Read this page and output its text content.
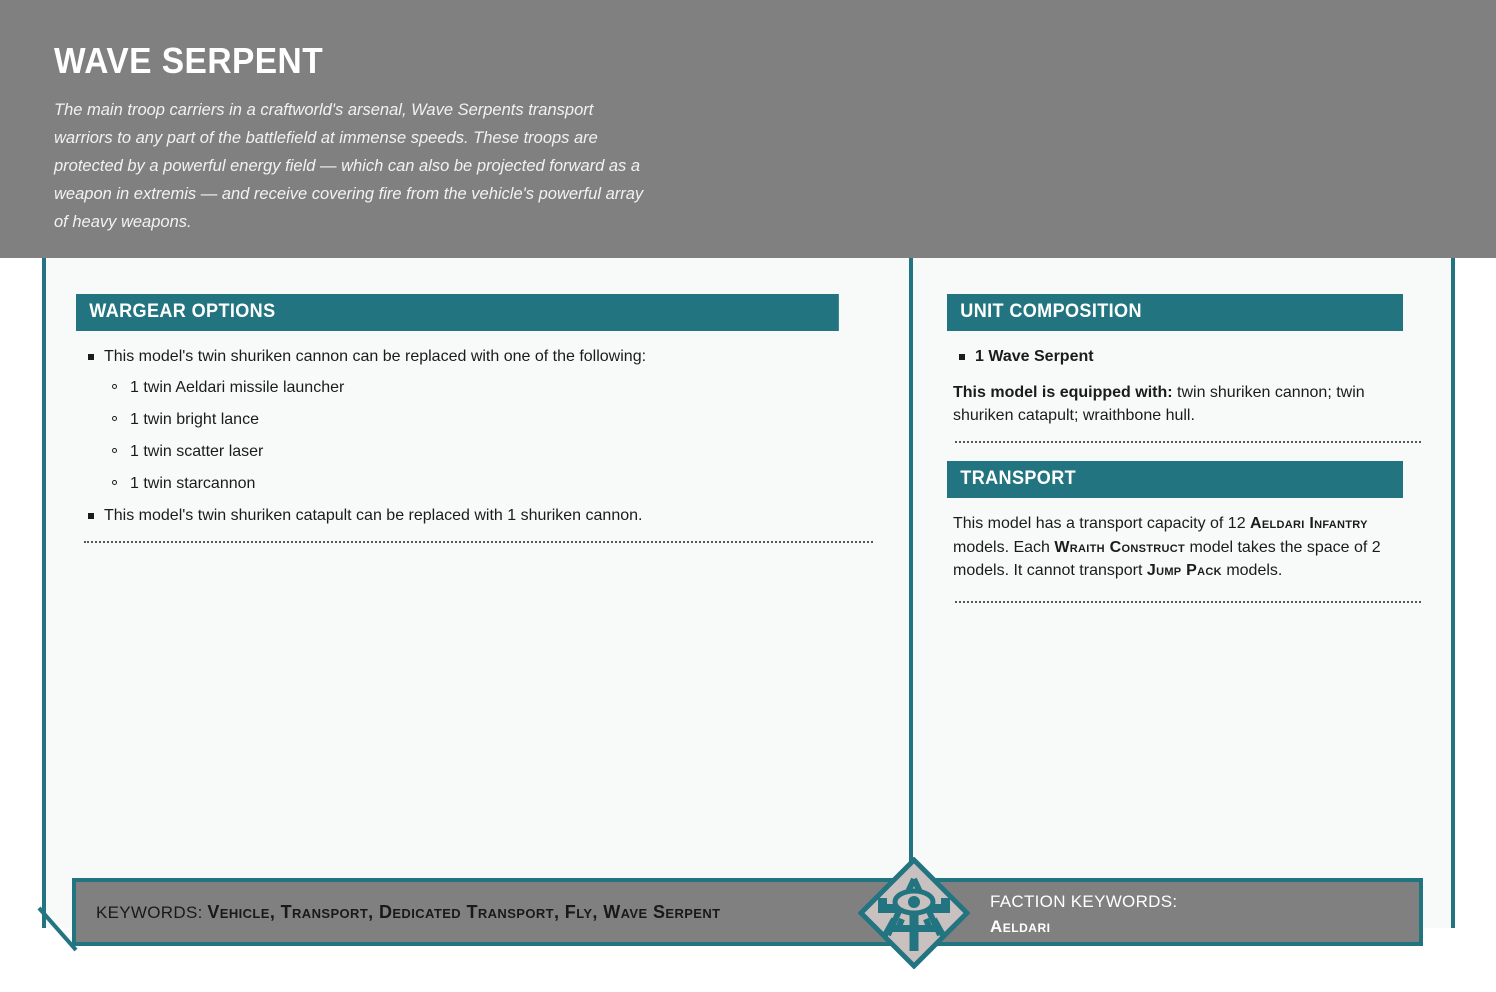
WAVE SERPENT

The main troop carriers in a craftworld's arsenal, Wave Serpents transport warriors to any part of the battlefield at immense speeds. These troops are protected by a powerful energy field — which can also be projected forward as a weapon in extremis — and receive covering fire from the vehicle's powerful array of heavy weapons.

WARGEAR OPTIONS
This model's twin shuriken cannon can be replaced with one of the following:
1 twin Aeldari missile launcher
1 twin bright lance
1 twin scatter laser
1 twin starcannon
This model's twin shuriken catapult can be replaced with 1 shuriken cannon.
UNIT COMPOSITION
1 Wave Serpent

This model is equipped with: twin shuriken cannon; twin shuriken catapult; wraithbone hull.

TRANSPORT

This model has a transport capacity of 12 Aeldari Infantry models. Each Wraith Construct model takes the space of 2 models. It cannot transport Jump Pack models.

KEYWORDS: Vehicle, Transport, Dedicated Transport, Fly, Wave Serpent	FACTION KEYWORDS:
Aeldari
